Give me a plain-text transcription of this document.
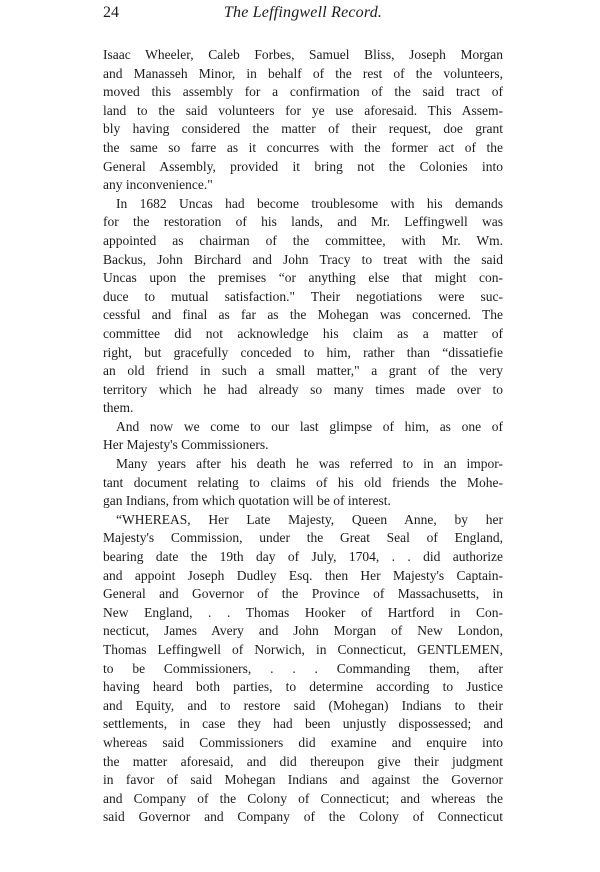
24	The Leffingwell Record.
Isaac Wheeler, Caleb Forbes, Samuel Bliss, Joseph Morgan
and Manasseh Minor, in behalf of the rest of the volunteers,
moved this assembly for a confirmation of the said tract of
land to the said volunteers for ye use aforesaid. This Assem-
bly having considered the matter of their request, doe grant
the same so farre as it concurres with the former act of the
General Assembly, provided it bring not the Colonies into
any inconvenience."
In 1682 Uncas had become troublesome with his demands
for the restoration of his lands, and Mr. Leffingwell was
appointed as chairman of the committee, with Mr. Wm.
Backus, John Birchard and John Tracy to treat with the said
Uncas upon the premises “or anything else that might con-
duce to mutual satisfaction." Their negotiations were suc-
cessful and final as far as the Mohegan was concerned. The
committee did not acknowledge his claim as a matter of
right, but gracefully conceded to him, rather than “dissatiefie
an old friend in such a small matter," a grant of the very
territory which he had already so many times made over to
them.
And now we come to our last glimpse of him, as one of
Her Majesty's Commissioners.
Many years after his death he was referred to in an impor-
tant document relating to claims of his old friends the Mohe-
gan Indians, from which quotation will be of interest.
“WHEREAS, Her Late Majesty, Queen Anne, by her
Majesty's Commission, under the Great Seal of England,
bearing date the 19th day of July, 1704, . . did authorize
and appoint Joseph Dudley Esq. then Her Majesty's Captain-
General and Governor of the Province of Massachusetts, in
New England, . . Thomas Hooker of Hartford in Con-
necticut, James Avery and John Morgan of New London,
Thomas Leffingwell of Norwich, in Connecticut, GENTLEMEN,
to be Commissioners, . . . Commanding them, after
having heard both parties, to determine according to Justice
and Equity, and to restore said (Mohegan) Indians to their
settlements, in case they had been unjustly dispossessed; and
whereas said Commissioners did examine and enquire into
the matter aforesaid, and did thereupon give their judgment
in favor of said Mohegan Indians and against the Governor
and Company of the Colony of Connecticut; and whereas the
said Governor and Company of the Colony of Connecticut
